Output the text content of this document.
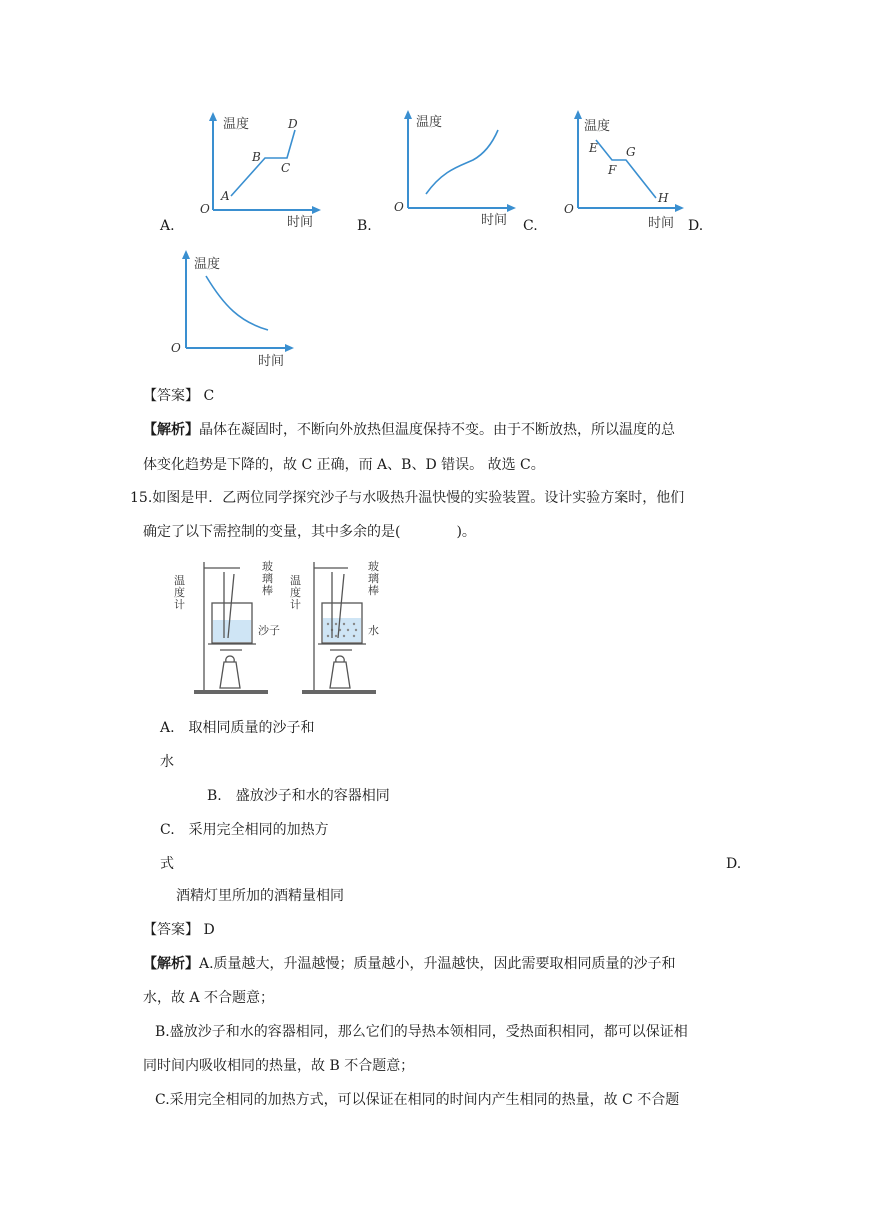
温度
时间
O
A
B
C
D
A.
温度
时间
O
B.
温度
时间
O
E
F
G
H
C.	D.
温度
时间
O
【答案】 C
【解析】晶体在凝固时，不断向外放热但温度保持不变。由于不断放热，所以温度的总
体变化趋势是下降的，故 C 正确，而 A、B、D 错误。 故选 C。
15.如图是甲．乙两位同学探究沙子与水吸热升温快慢的实验装置。设计实验方案时，他们
确定了以下需控制的变量，其中多余的是(　　　　)。
温
度
计
玻
璃
棒
沙子
温
度
计
玻
璃
棒
水
A.　取相同质量的沙子和
水
B.　盛放沙子和水的容器相同
C.　采用完全相同的加热方
式	D.
酒精灯里所加的酒精量相同
【答案】 D
【解析】A.质量越大，升温越慢；质量越小，升温越快，因此需要取相同质量的沙子和
水，故 A 不合题意；
B.盛放沙子和水的容器相同，那么它们的导热本领相同，受热面积相同，都可以保证相
同时间内吸收相同的热量，故 B 不合题意；
C.采用完全相同的加热方式，可以保证在相同的时间内产生相同的热量，故 C 不合题
